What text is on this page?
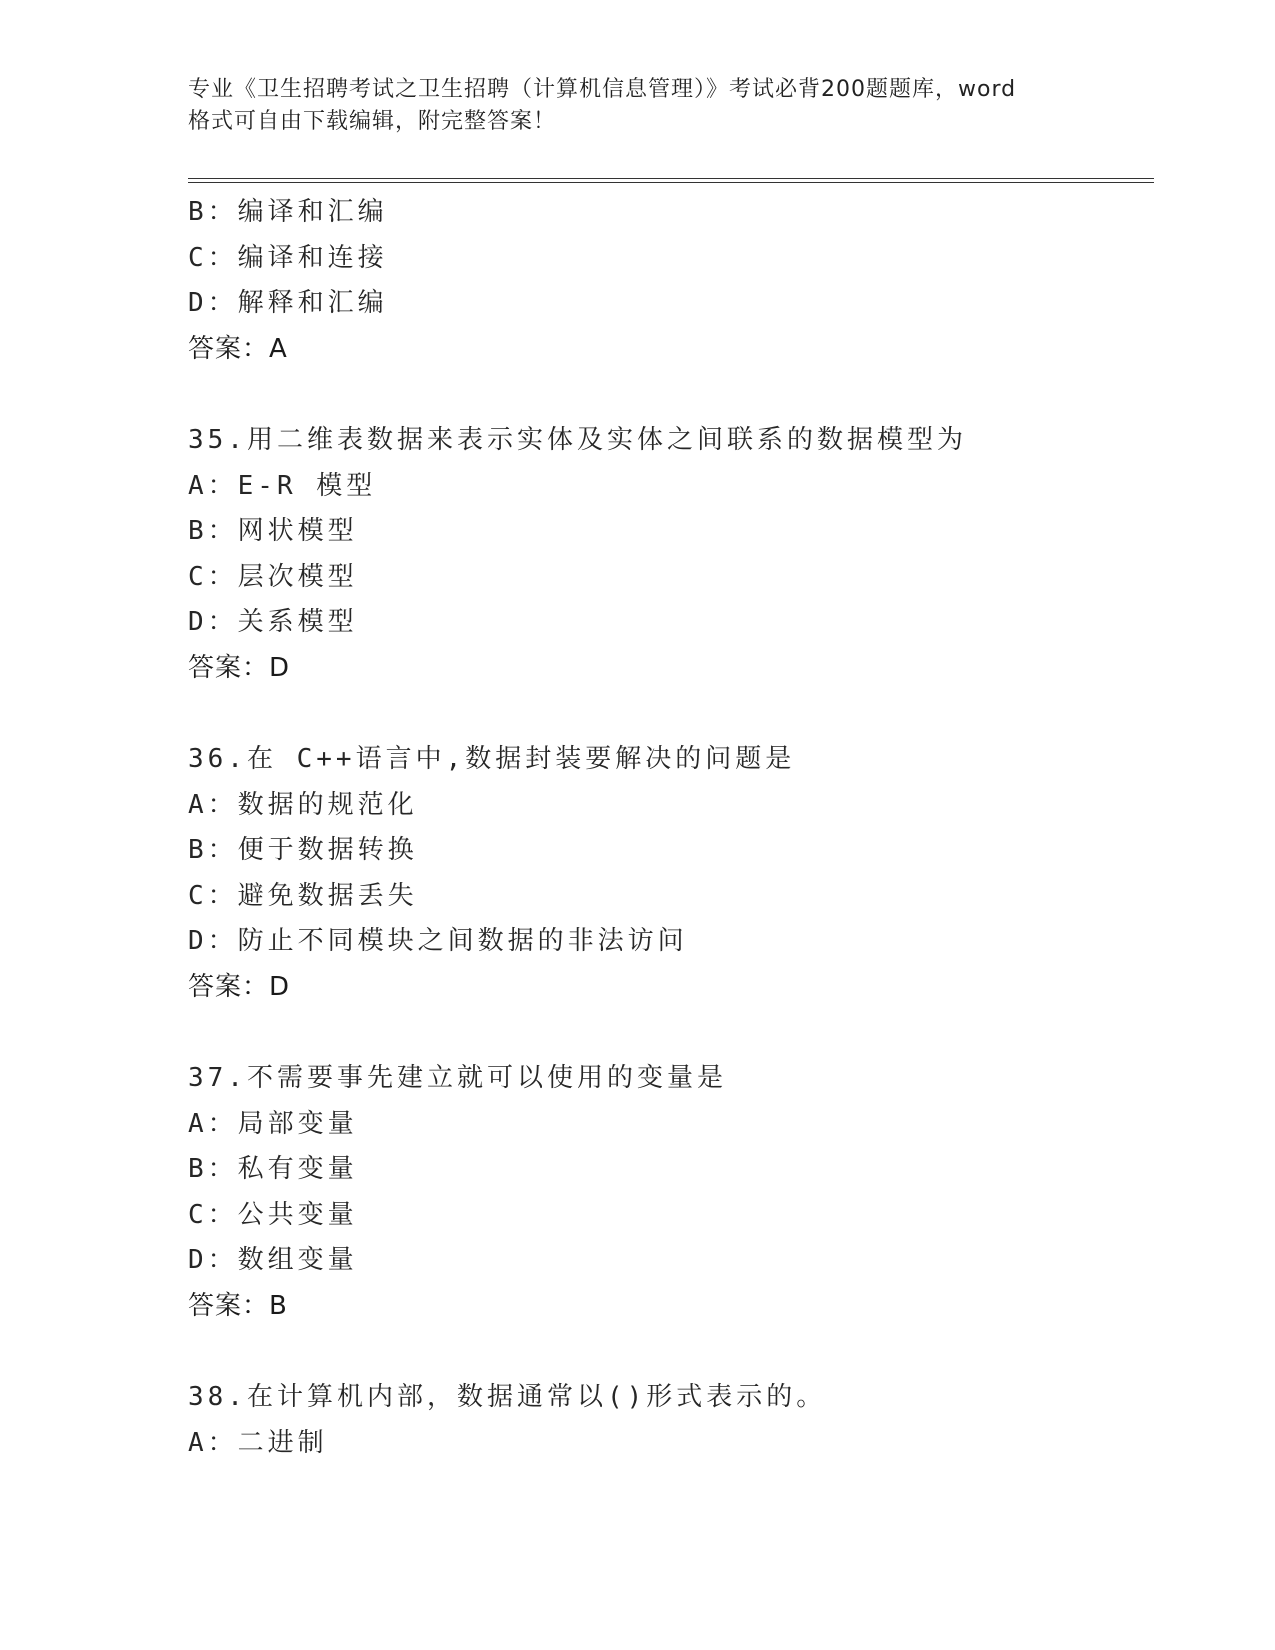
专业《卫生招聘考试之卫生招聘（计算机信息管理）》考试必背200题题库，word
格式可自由下载编辑，附完整答案！
B：编译和汇编
C：编译和连接
D：解释和汇编
答案：A
35.用二维表数据来表示实体及实体之间联系的数据模型为
A：E-R 模型
B：网状模型
C：层次模型
D：关系模型
答案：D
36.在 C++语言中,数据封装要解决的问题是
A：数据的规范化
B：便于数据转换
C：避免数据丢失
D：防止不同模块之间数据的非法访问
答案：D
37.不需要事先建立就可以使用的变量是
A：局部变量
B：私有变量
C：公共变量
D：数组变量
答案：B
38.在计算机内部，数据通常以()形式表示的。
A：二进制
